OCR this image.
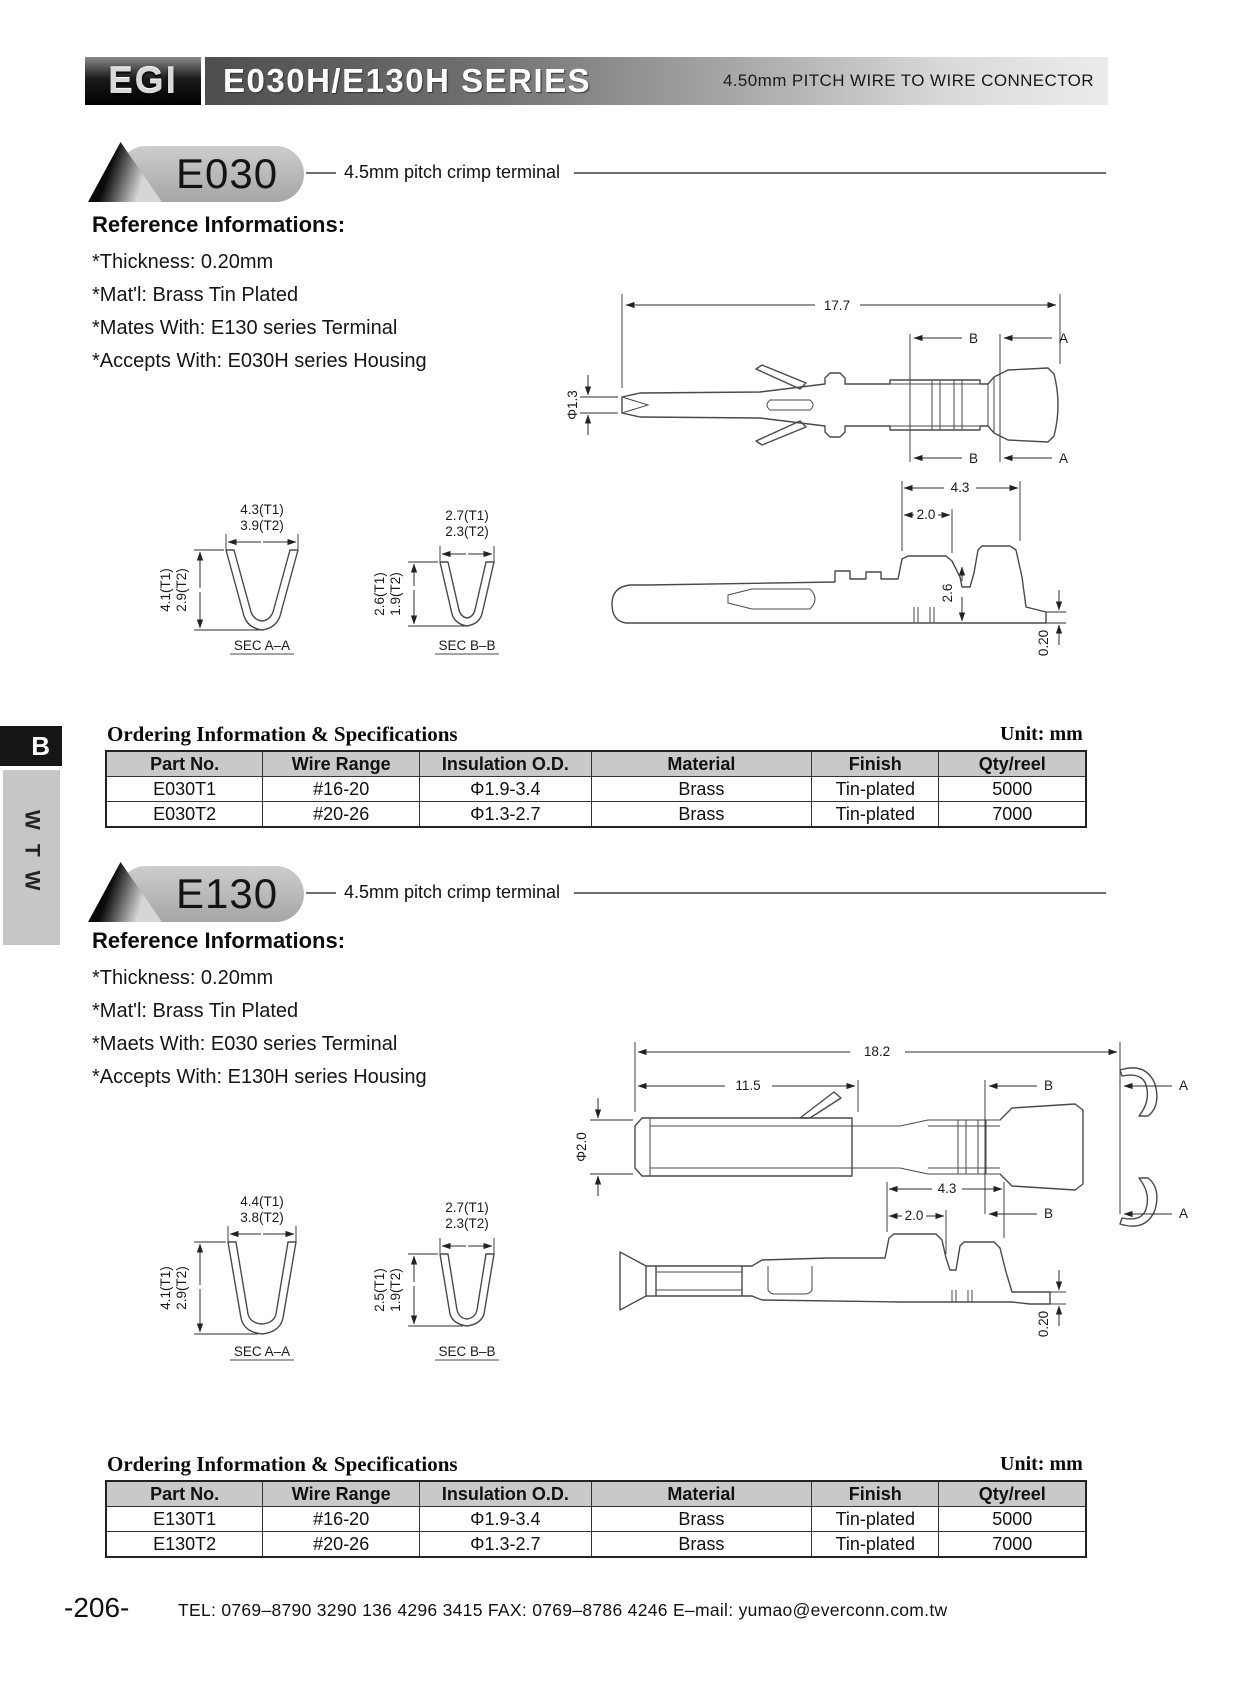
EGI	E030H/E130H SERIES	4.50mm PITCH WIRE TO WIRE CONNECTOR
B
WTW
E030	4.5mm pitch crimp terminal
Reference Informations:
*Thickness: 0.20mm
*Mat'l: Brass Tin Plated
*Mates With: E130 series Terminal
*Accepts With: E030H series Housing
17.7
Φ1.3
B	A
B	A
4.3(T1)
3.9(T2)
4.1(T1) 2.9(T2)
SEC A–A
2.7(T1)
2.3(T2)
2.6(T1) 1.9(T2)
SEC B–B
4.3
2.0
2.6
0.20
Ordering Information & Specifications	Unit: mm
Part No.	Wire Range	Insulation O.D.	Material	Finish	Qty/reel
E030T1	#16-20	Φ1.9-3.4	Brass	Tin-plated	5000
E030T2	#20-26	Φ1.3-2.7	Brass	Tin-plated	7000
E130	4.5mm pitch crimp terminal
Reference Informations:
*Thickness: 0.20mm
*Mat'l: Brass Tin Plated
*Maets With: E030 series Terminal
*Accepts With: E130H series Housing
18.2
11.5
Φ2.0
B	A
B	A
4.4(T1)
3.8(T2)
4.1(T1) 2.9(T2)
SEC A–A
2.7(T1)
2.3(T2)
2.5(T1) 1.9(T2)
SEC B–B
4.3
2.0
0.20
Ordering Information & Specifications	Unit: mm
Part No.	Wire Range	Insulation O.D.	Material	Finish	Qty/reel
E130T1	#16-20	Φ1.9-3.4	Brass	Tin-plated	5000
E130T2	#20-26	Φ1.3-2.7	Brass	Tin-plated	7000
-206-	TEL: 0769–8790 3290 136 4296 3415 FAX: 0769–8786 4246 E–mail: yumao@everconn.com.tw
